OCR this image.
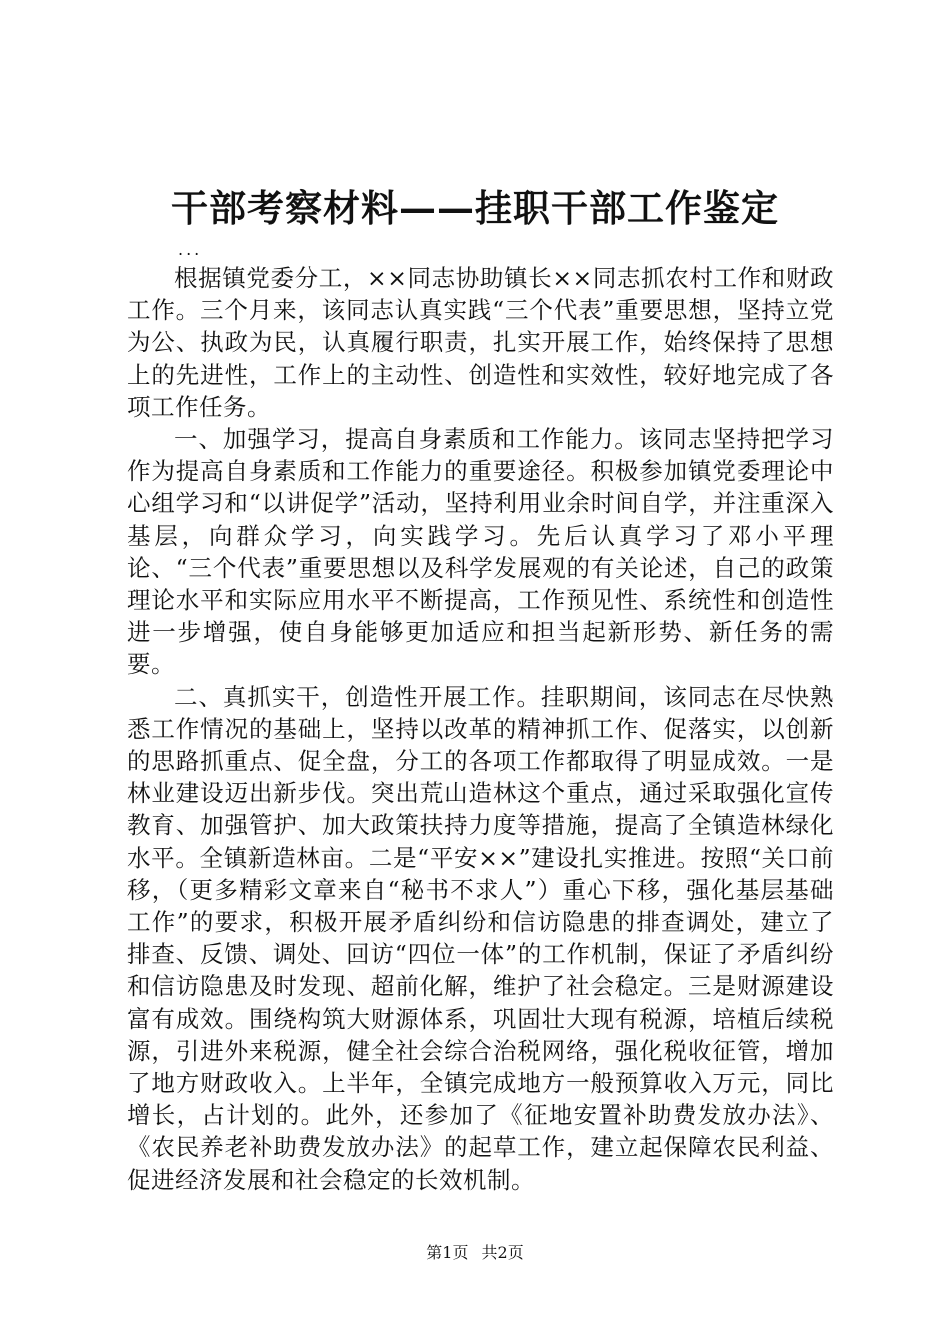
干部考察材料——挂职干部工作鉴定
...

根据镇党委分工，××同志协助镇长××同志抓农村工作和财政工作。三个月来，该同志认真实践“三个代表”重要思想，坚持立党为公、执政为民，认真履行职责，扎实开展工作，始终保持了思想上的先进性，工作上的主动性、创造性和实效性，较好地完成了各项工作任务。

一、加强学习，提高自身素质和工作能力。该同志坚持把学习作为提高自身素质和工作能力的重要途径。积极参加镇党委理论中心组学习和“以讲促学”活动，坚持利用业余时间自学，并注重深入基层，向群众学习，向实践学习。先后认真学习了邓小平理论、“三个代表”重要思想以及科学发展观的有关论述，自己的政策理论水平和实际应用水平不断提高，工作预见性、系统性和创造性进一步增强，使自身能够更加适应和担当起新形势、新任务的需要。

二、真抓实干，创造性开展工作。挂职期间，该同志在尽快熟悉工作情况的基础上，坚持以改革的精神抓工作、促落实，以创新的思路抓重点、促全盘，分工的各项工作都取得了明显成效。一是林业建设迈出新步伐。突出荒山造林这个重点，通过采取强化宣传教育、加强管护、加大政策扶持力度等措施，提高了全镇造林绿化水平。全镇新造林亩。二是“平安××”建设扎实推进。按照“关口前移，（更多精彩文章来自“秘书不求人”）重心下移，强化基层基础工作”的要求，积极开展矛盾纠纷和信访隐患的排查调处，建立了排查、反馈、调处、回访“四位一体”的工作机制，保证了矛盾纠纷和信访隐患及时发现、超前化解，维护了社会稳定。三是财源建设富有成效。围绕构筑大财源体系，巩固壮大现有税源，培植后续税源，引进外来税源，健全社会综合治税网络，强化税收征管，增加了地方财政收入。上半年，全镇完成地方一般预算收入万元，同比增长，占计划的。此外，还参加了《征地安置补助费发放办法》、《农民养老补助费发放办法》的起草工作，建立起保障农民利益、促进经济发展和社会稳定的长效机制。

第1页 共2页
